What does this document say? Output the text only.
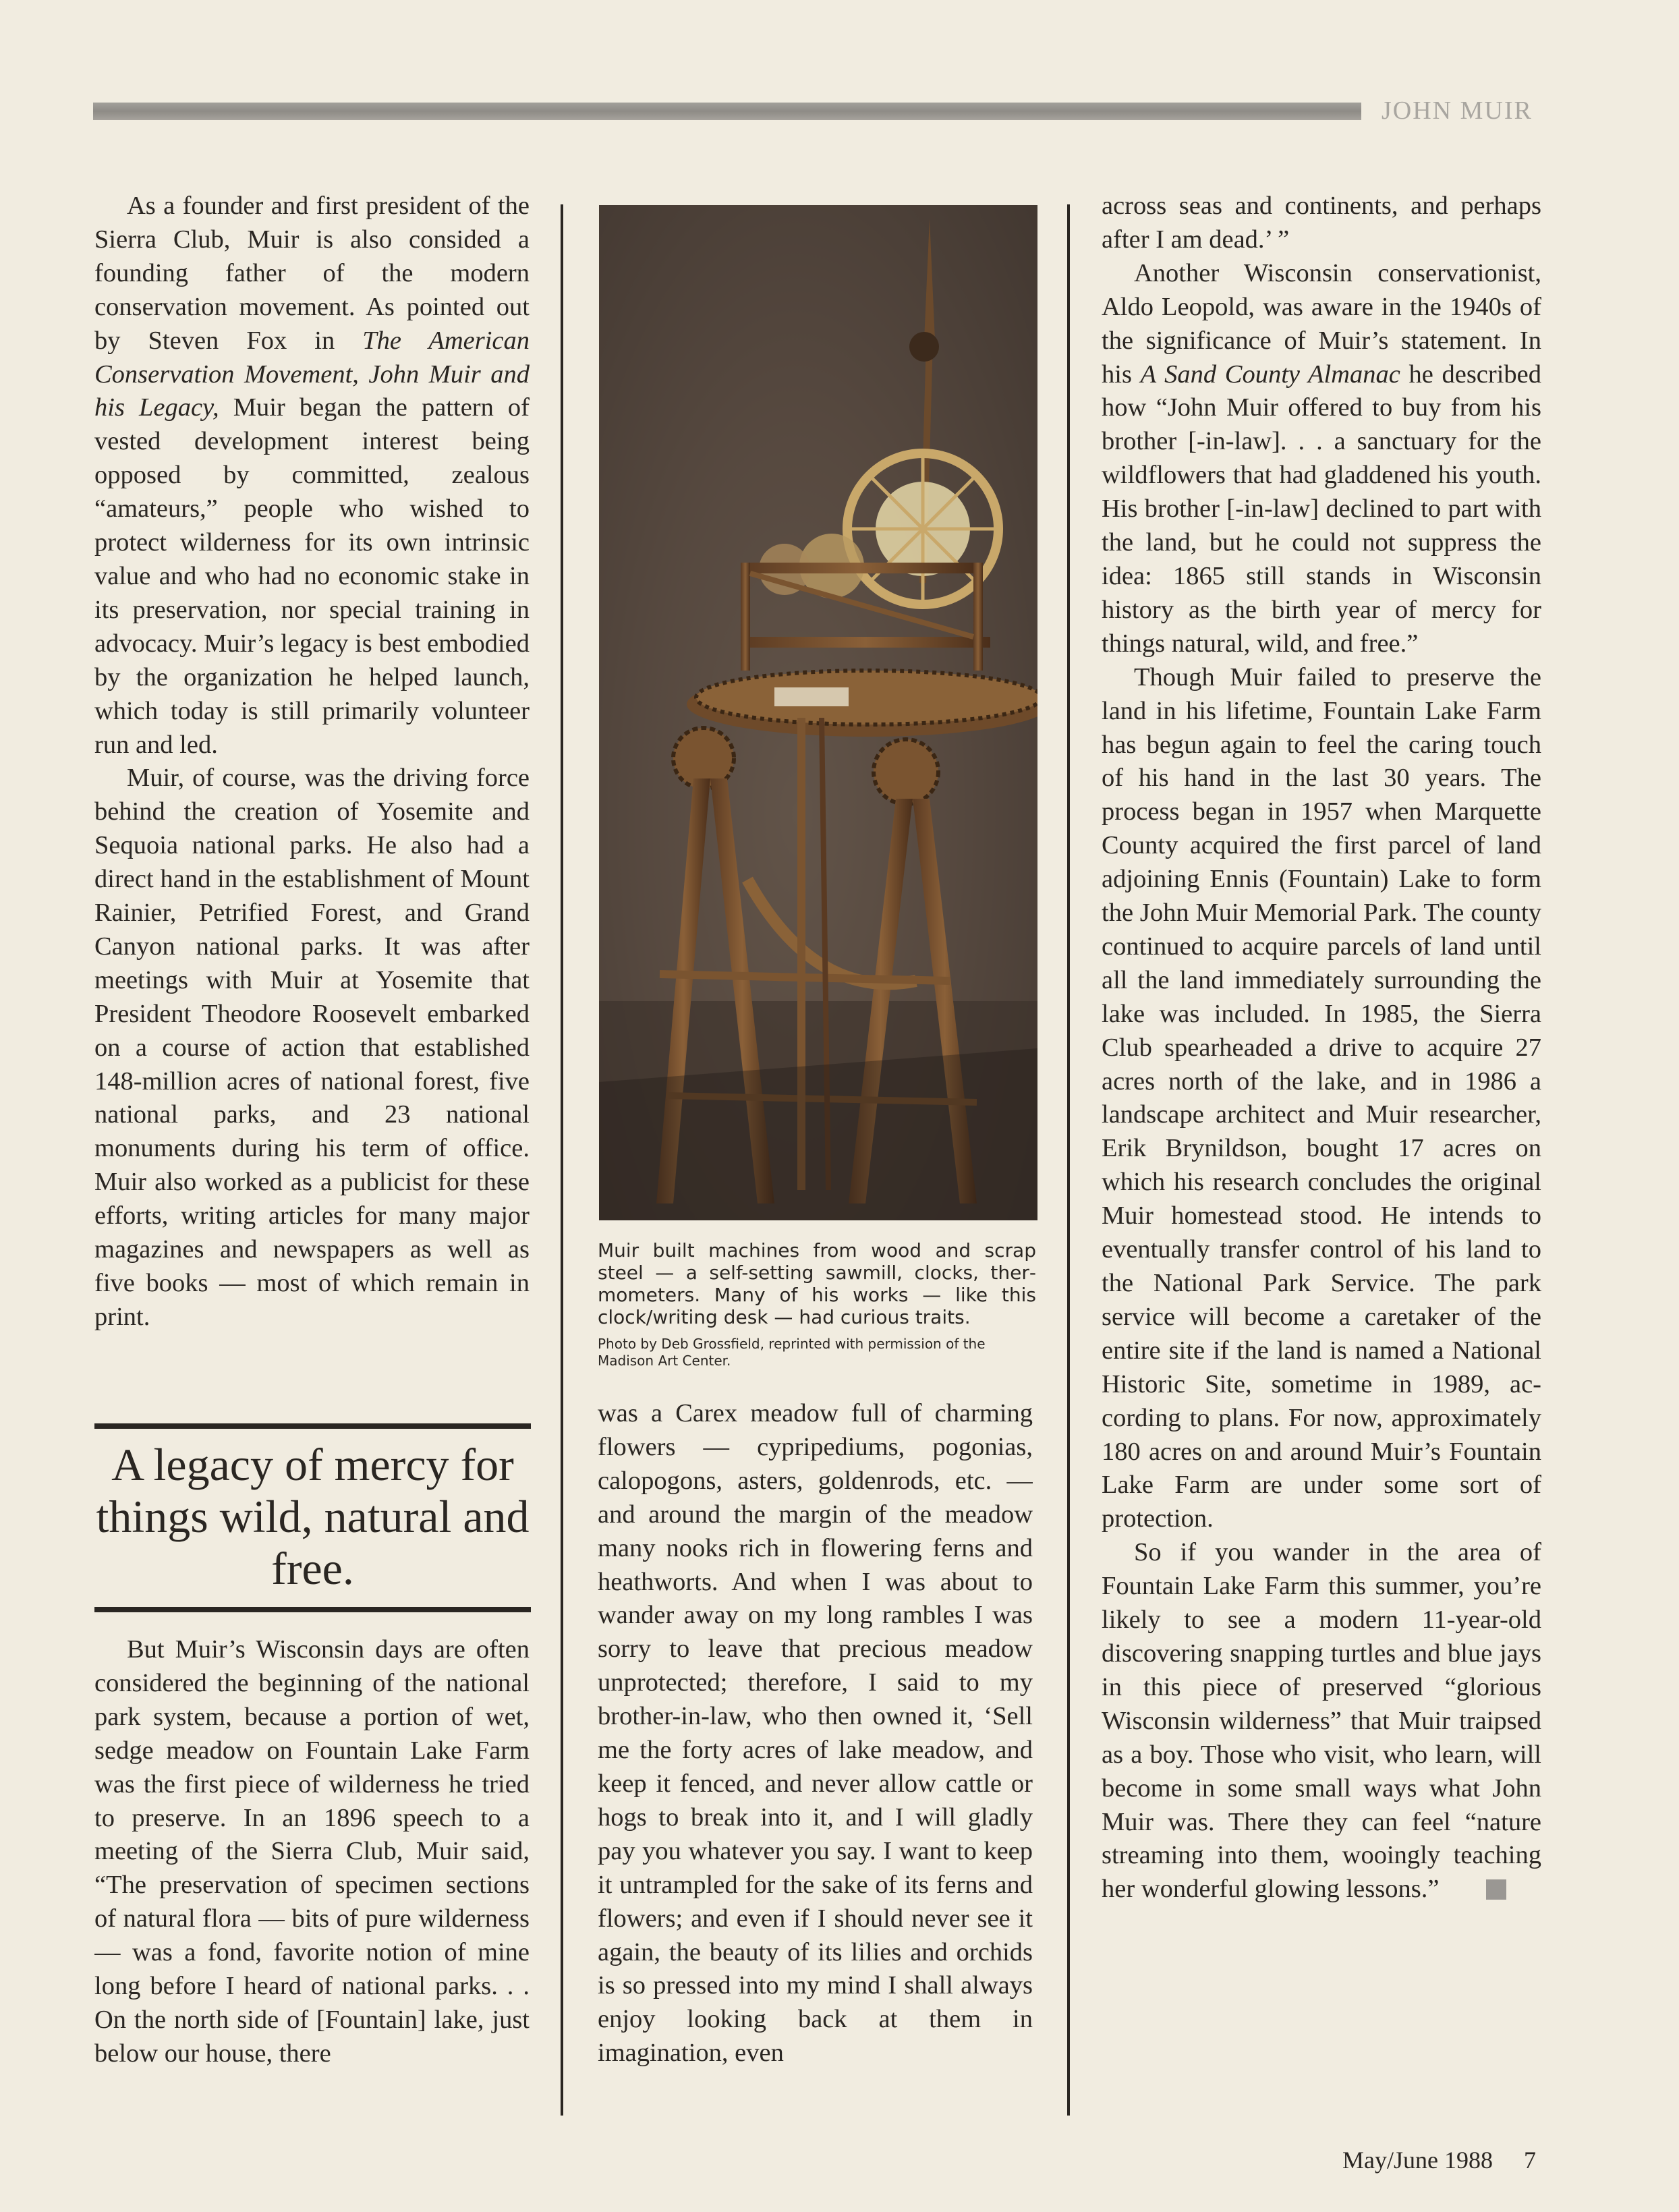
JOHN MUIR

As a founder and first president of the Sierra Club, Muir is also consided a founding father of the modern conservation movement. As pointed out by Steven Fox in The American Conservation Movement, John Muir and his Legacy, Muir began the pattern of vested development interest being opposed by committed, zealous “amateurs,” people who wished to protect wilderness for its own intrinsic value and who had no economic stake in its preservation, nor special training in advocacy. Muir’s legacy is best embodied by the organization he helped launch, which today is still primarily volunteer run and led.

Muir, of course, was the driving force behind the creation of Yosemite and Sequoia national parks. He also had a direct hand in the establishment of Mount Rainier, Petrified Forest, and Grand Canyon national parks. It was after meetings with Muir at Yosemite that President Theodore Roosevelt embarked on a course of action that established 148-million acres of national forest, five national parks, and 23 national monuments during his term of office. Muir also worked as a publicist for these efforts, writing articles for many major magazines and newspapers as well as five books — most of which remain in print.

A legacy of mercy for things wild, natural and free.

But Muir’s Wisconsin days are often considered the beginning of the national park system, because a portion of wet, sedge meadow on Fountain Lake Farm was the first piece of wilderness he tried to preserve. In an 1896 speech to a meeting of the Sierra Club, Muir said, “The preservation of specimen sections of natural flora — bits of pure wilderness — was a fond, favorite notion of mine long before I heard of national parks. . . On the north side of [Fountain] lake, just below our house, there

Muir built machines from wood and scrap steel — a self-setting sawmill, clocks, thermometers. Many of his works — like this clock/writing desk — had curious traits.
Photo by Deb Grossfield, reprinted with permission of the Madison Art Center.

was a Carex meadow full of charming flowers — cypripediums, pogonias, calopogons, asters, goldenrods, etc. — and around the margin of the meadow many nooks rich in flowering ferns and heathworts. And when I was about to wander away on my long rambles I was sorry to leave that precious meadow unprotected; therefore, I said to my brother-in-law, who then owned it, ‘Sell me the forty acres of lake meadow, and keep it fenced, and never allow cattle or hogs to break into it, and I will gladly pay you whatever you say. I want to keep it untrampled for the sake of its ferns and flowers; and even if I should never see it again, the beauty of its lilies and orchids is so pressed into my mind I shall always enjoy looking back at them in imagination, even

across seas and continents, and perhaps after I am dead.’ ”

Another Wisconsin conservationist, Aldo Leopold, was aware in the 1940s of the significance of Muir’s statement. In his A Sand County Almanac he described how “John Muir offered to buy from his brother [-in-law]. . . a sanctuary for the wildflowers that had gladdened his youth. His brother [-in-law] declined to part with the land, but he could not suppress the idea: 1865 still stands in Wisconsin history as the birth year of mercy for things natural, wild, and free.”

Though Muir failed to preserve the land in his lifetime, Fountain Lake Farm has begun again to feel the caring touch of his hand in the last 30 years. The process began in 1957 when Marquette County acquired the first parcel of land adjoining Ennis (Fountain) Lake to form the John Muir Memorial Park. The county continued to acquire parcels of land until all the land immediately surrounding the lake was included. In 1985, the Sierra Club spearheaded a drive to acquire 27 acres north of the lake, and in 1986 a landscape architect and Muir researcher, Erik Brynildson, bought 17 acres on which his research concludes the original Muir homestead stood. He intends to eventually transfer control of his land to the National Park Service. The park service will become a caretaker of the entire site if the land is named a National Historic Site, sometime in 1989, according to plans. For now, approximately 180 acres on and around Muir’s Fountain Lake Farm are under some sort of protection.

So if you wander in the area of Fountain Lake Farm this summer, you’re likely to see a modern 11-year-old discovering snapping turtles and blue jays in this piece of preserved “glorious Wisconsin wilderness” that Muir traipsed as a boy. Those who visit, who learn, will become in some small ways what John Muir was. There they can feel “nature streaming into them, wooingly teaching her wonderful glowing lessons.”

May/June 1988 7
